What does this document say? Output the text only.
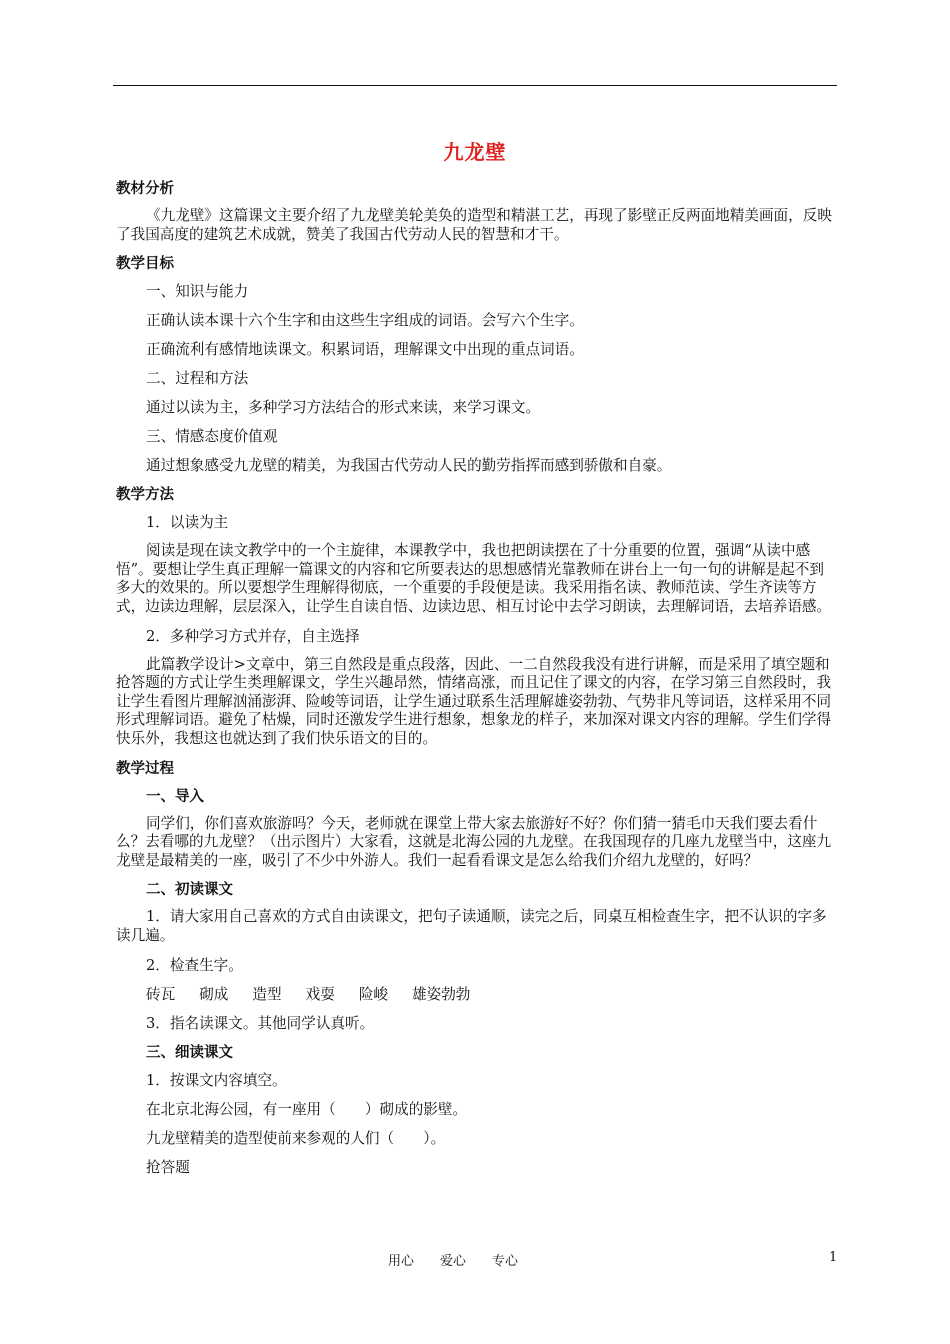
九龙壁
教材分析

《九龙壁》这篇课文主要介绍了九龙壁美轮美奂的造型和精湛工艺，再现了影壁正反两面地精美画面，反映了我国高度的建筑艺术成就，赞美了我国古代劳动人民的智慧和才干。

教学目标

一、知识与能力

正确认读本课十六个生字和由这些生字组成的词语。会写六个生字。

正确流利有感情地读课文。积累词语，理解课文中出现的重点词语。

二、过程和方法

通过以读为主，多种学习方法结合的形式来读，来学习课文。

三、情感态度价值观

通过想象感受九龙壁的精美，为我国古代劳动人民的勤劳指挥而感到骄傲和自豪。

教学方法

1．以读为主

阅读是现在读文教学中的一个主旋律，本课教学中，我也把朗读摆在了十分重要的位置，强调“从读中感悟”。要想让学生真正理解一篇课文的内容和它所要表达的思想感情光靠教师在讲台上一句一句的讲解是起不到多大的效果的。所以要想学生理解得彻底，一个重要的手段便是读。我采用指名读、教师范读、学生齐读等方式，边读边理解，层层深入，让学生自读自悟、边读边思、相互讨论中去学习朗读，去理解词语，去培养语感。

2．多种学习方式并存，自主选择

此篇教学设计>文章中，第三自然段是重点段落，因此、一二自然段我没有进行讲解，而是采用了填空题和抢答题的方式让学生类理解课文，学生兴趣昂然，情绪高涨，而且记住了课文的内容，在学习第三自然段时，我让学生看图片理解汹涌澎湃、险峻等词语，让学生通过联系生活理解雄姿勃勃、气势非凡等词语，这样采用不同形式理解词语。避免了枯燥，同时还激发学生进行想象，想象龙的样子，来加深对课文内容的理解。学生们学得快乐外，我想这也就达到了我们快乐语文的目的。

教学过程
一、导入

同学们，你们喜欢旅游吗？今天，老师就在课堂上带大家去旅游好不好？你们猜一猜毛巾天我们要去看什么？去看哪的九龙壁？（出示图片）大家看，这就是北海公园的九龙壁。在我国现存的几座九龙壁当中，这座九龙壁是最精美的一座，吸引了不少中外游人。我们一起看看课文是怎么给我们介绍九龙壁的，好吗？

二、初读课文

1．请大家用自己喜欢的方式自由读课文，把句子读通顺，读完之后，同桌互相检查生字，把不认识的字多读几遍。

2．检查生字。

砖瓦 砌成 造型 戏耍 险峻 雄姿勃勃

3．指名读课文。其他同学认真听。

三、细读课文

1．按课文内容填空。

在北京北海公园，有一座用（　　）砌成的影壁。

九龙壁精美的造型使前来参观的人们（　　）。

抢答题

用心 爱心 专心	1
